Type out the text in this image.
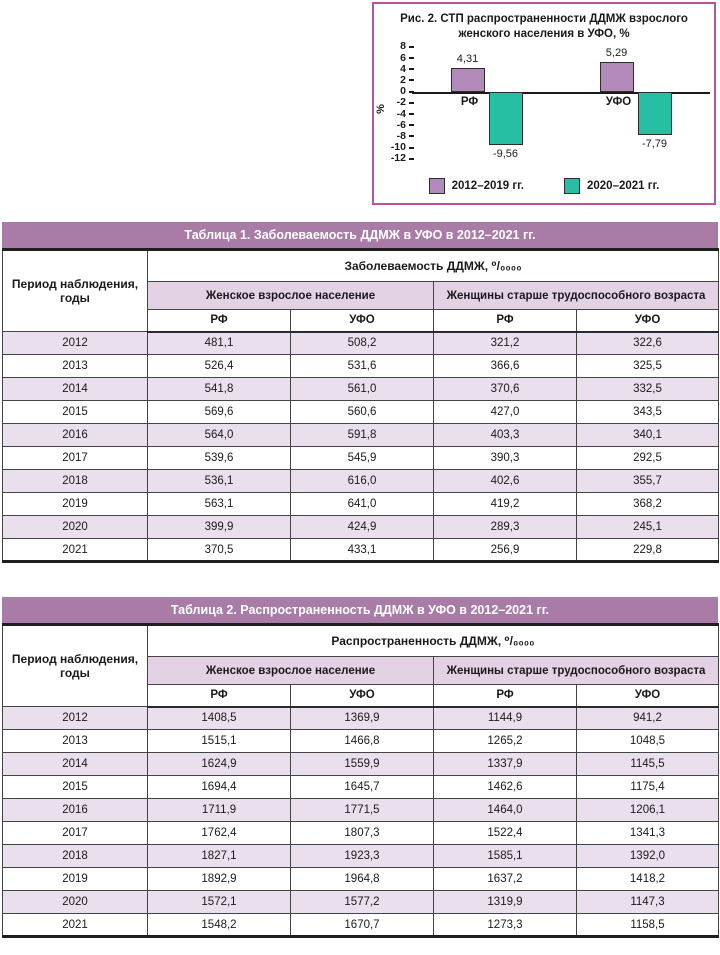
Рис. 2. СТП распространенности ДДМЖ взрослого женского населения в УФО, %
%
8
6
4
2
0
-2
-4
-6
-8
-10
-12
4,31
-9,56
РФ
5,29
-7,79
УФО
2012–2019 гг.	2020–2021 гг.
Таблица 1. Заболеваемость ДДМЖ в УФО в 2012–2021 гг.
Период наблюдения, годы	Заболеваемость ДДМЖ, ⁰/₀₀₀₀			
	Женское взрослое население		Женщины старше трудоспособного возраста	
	РФ	УФО	РФ	УФО
2012	481,1	508,2	321,2	322,6
2013	526,4	531,6	366,6	325,5
2014	541,8	561,0	370,6	332,5
2015	569,6	560,6	427,0	343,5
2016	564,0	591,8	403,3	340,1
2017	539,6	545,9	390,3	292,5
2018	536,1	616,0	402,6	355,7
2019	563,1	641,0	419,2	368,2
2020	399,9	424,9	289,3	245,1
2021	370,5	433,1	256,9	229,8
Таблица 2. Распространенность ДДМЖ в УФО в 2012–2021 гг.
Период наблюдения, годы	Распространенность ДДМЖ, ⁰/₀₀₀₀			
	Женское взрослое население		Женщины старше трудоспособного возраста	
	РФ	УФО	РФ	УФО
2012	1408,5	1369,9	1144,9	941,2
2013	1515,1	1466,8	1265,2	1048,5
2014	1624,9	1559,9	1337,9	1145,5
2015	1694,4	1645,7	1462,6	1175,4
2016	1711,9	1771,5	1464,0	1206,1
2017	1762,4	1807,3	1522,4	1341,3
2018	1827,1	1923,3	1585,1	1392,0
2019	1892,9	1964,8	1637,2	1418,2
2020	1572,1	1577,2	1319,9	1147,3
2021	1548,2	1670,7	1273,3	1158,5
